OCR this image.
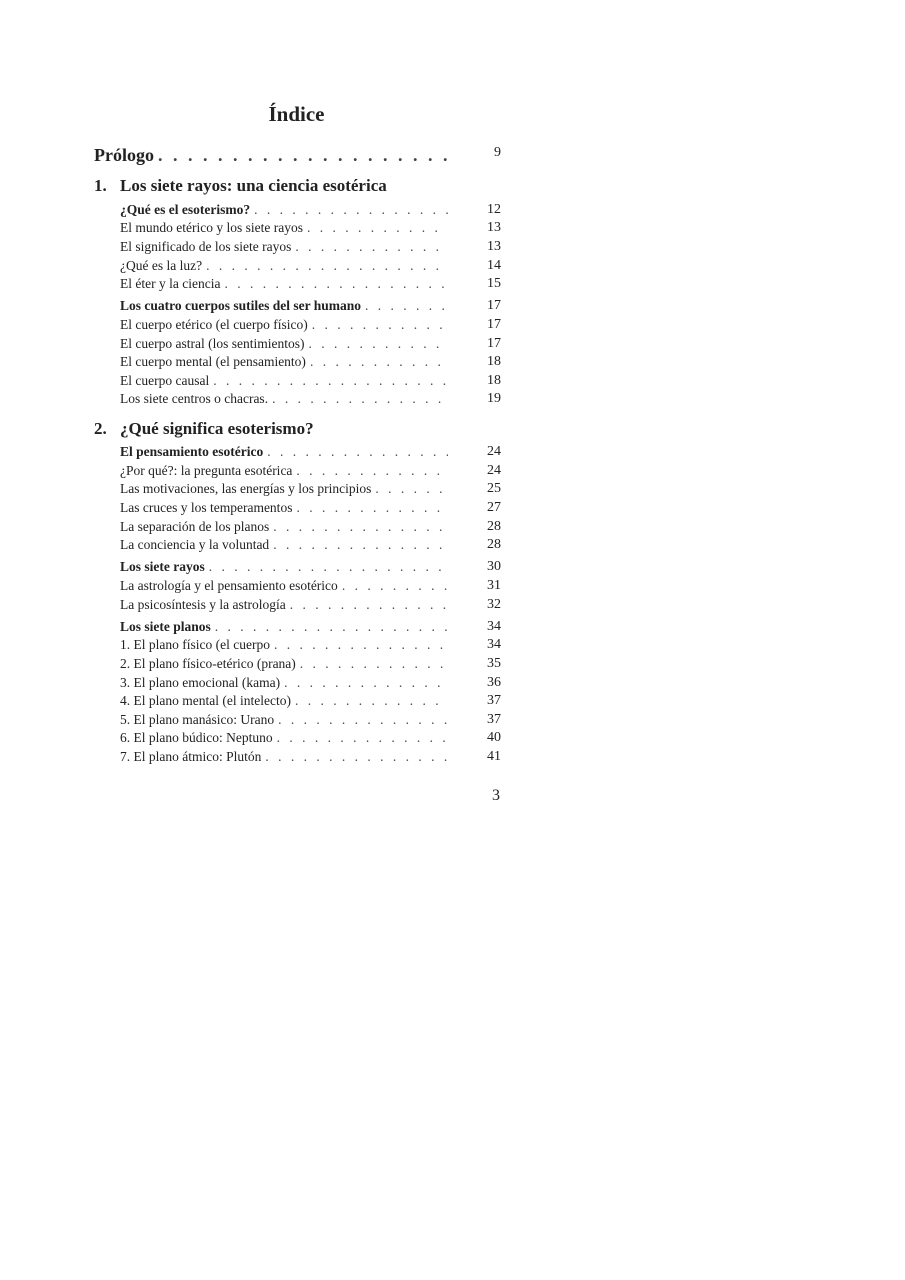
Índice
Prólogo . . .	9
1. Los siete rayos: una ciencia esotérica
¿Qué es el esoterismo? . . .	12
El mundo etérico y los siete rayos . . .	13
El significado de los siete rayos . . .	13
¿Qué es la luz? . . .	14
El éter y la ciencia . . .	15
Los cuatro cuerpos sutiles del ser humano . . .	17
El cuerpo etérico (el cuerpo físico) . . .	17
El cuerpo astral (los sentimientos) . . .	17
El cuerpo mental (el pensamiento) . . .	18
El cuerpo causal . . .	18
Los siete centros o chacras. . . .	19
2. ¿Qué significa esoterismo?
El pensamiento esotérico . . .	24
¿Por qué?: la pregunta esotérica . . .	24
Las motivaciones, las energías y los principios . . .	25
Las cruces y los temperamentos . . .	27
La separación de los planos . . .	28
La conciencia y la voluntad . . .	28
Los siete rayos . . .	30
La astrología y el pensamiento esotérico . . .	31
La psicosíntesis y la astrología . . .	32
Los siete planos . . .	34
1. El plano físico (el cuerpo . . .	34
2. El plano físico-etérico (prana) . . .	35
3. El plano emocional (kama) . . .	36
4. El plano mental (el intelecto) . . .	37
5. El plano manásico: Urano . . .	37
6. El plano búdico: Neptuno . . .	40
7. El plano átmico: Plutón . . .	41
3
